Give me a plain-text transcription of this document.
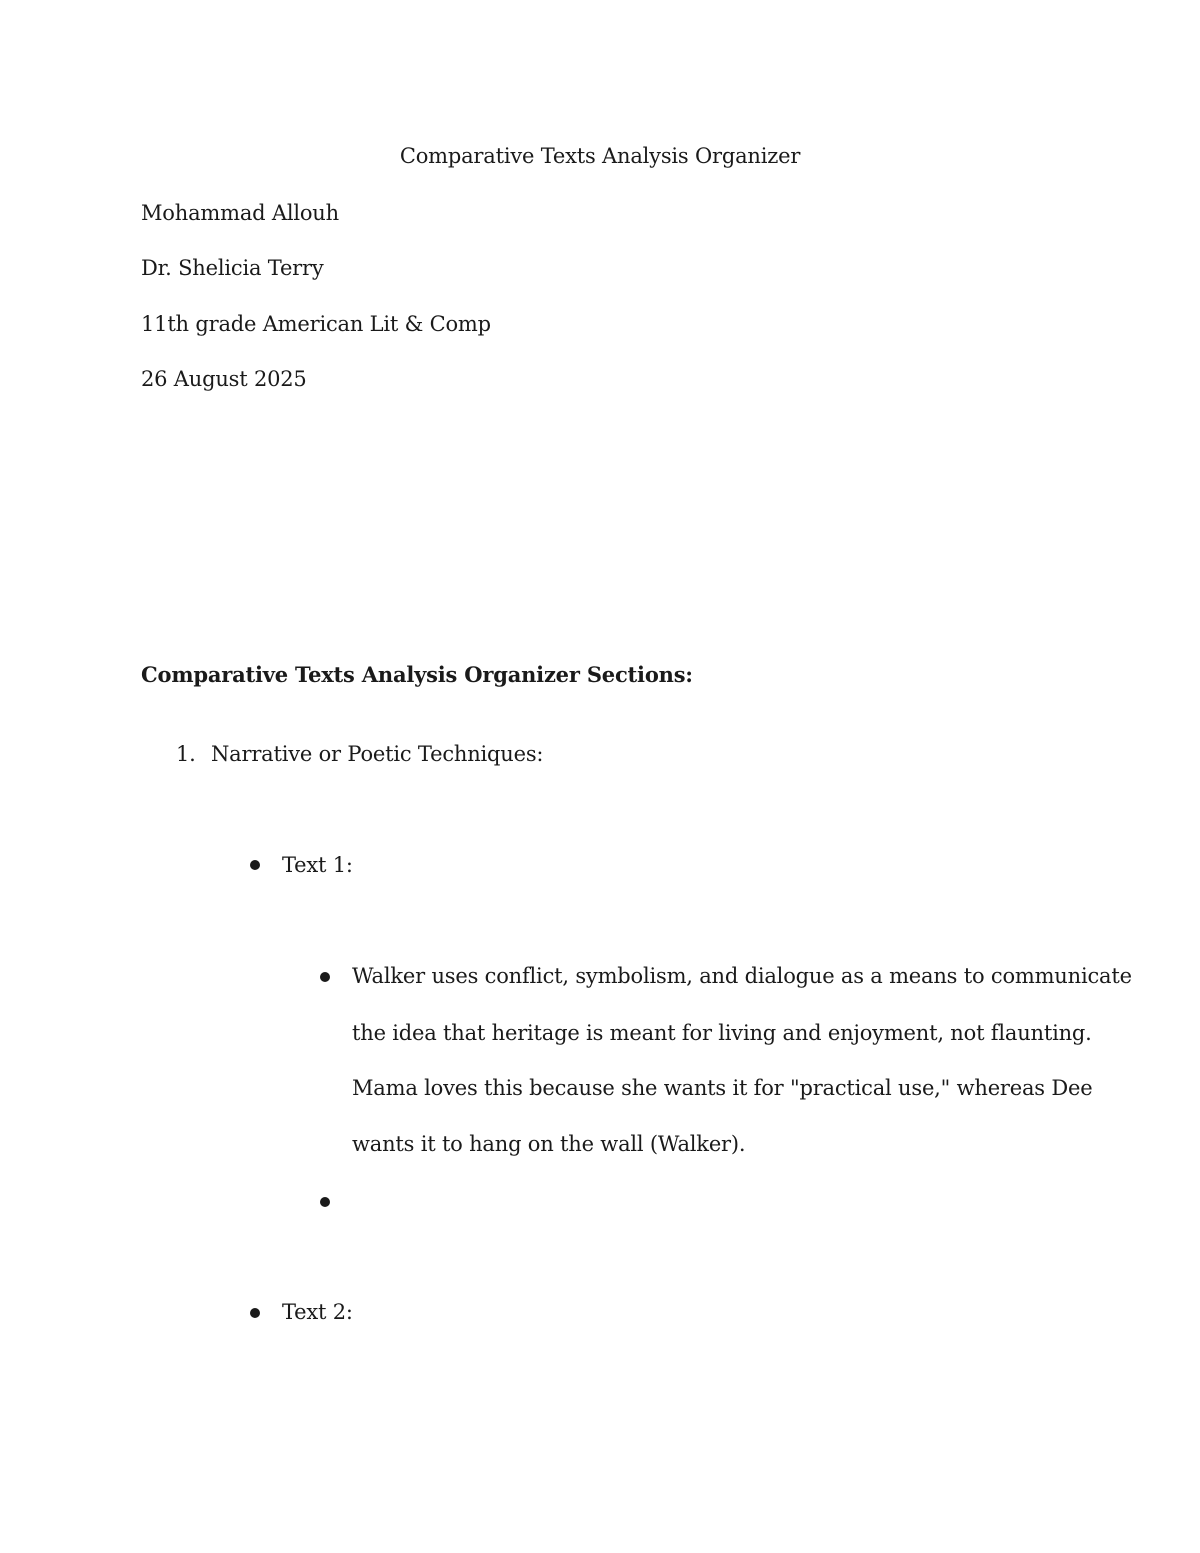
Comparative Texts Analysis Organizer
Mohammad Allouh
Dr. Shelicia Terry
11th grade American Lit & Comp
26 August 2025
Comparative Texts Analysis Organizer Sections:
1. Narrative or Poetic Techniques:
Text 1:
Walker uses conflict, symbolism, and dialogue as a means to communicate
the idea that heritage is meant for living and enjoyment, not flaunting.
Mama loves this because she wants it for "practical use," whereas Dee
wants it to hang on the wall (Walker).
Text 2:
